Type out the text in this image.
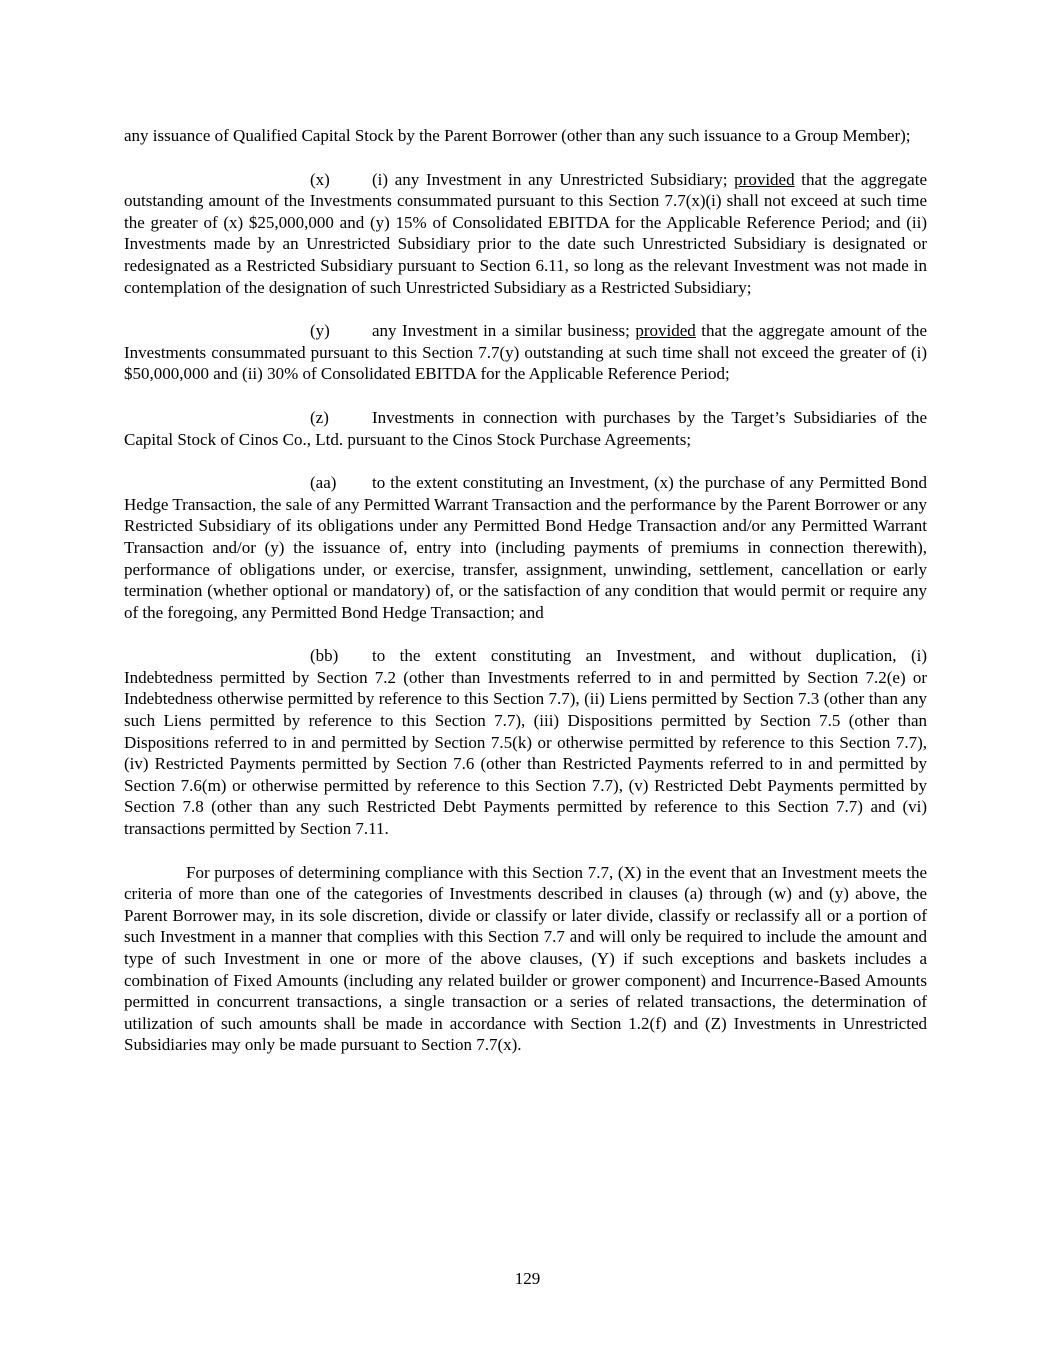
any issuance of Qualified Capital Stock by the Parent Borrower (other than any such issuance to a Group Member);

(x) (i) any Investment in any Unrestricted Subsidiary; provided that the aggregate outstanding amount of the Investments consummated pursuant to this Section 7.7(x)(i) shall not exceed at such time the greater of (x) $25,000,000 and (y) 15% of Consolidated EBITDA for the Applicable Reference Period; and (ii) Investments made by an Unrestricted Subsidiary prior to the date such Unrestricted Subsidiary is designated or redesignated as a Restricted Subsidiary pursuant to Section 6.11, so long as the relevant Investment was not made in contemplation of the designation of such Unrestricted Subsidiary as a Restricted Subsidiary;

(y) any Investment in a similar business; provided that the aggregate amount of the Investments consummated pursuant to this Section 7.7(y) outstanding at such time shall not exceed the greater of (i) $50,000,000 and (ii) 30% of Consolidated EBITDA for the Applicable Reference Period;

(z)	Investments in connection with purchases by the Target’s Subsidiaries of the Capital Stock of Cinos Co., Ltd. pursuant to the Cinos Stock Purchase Agreements;

(aa) to the extent constituting an Investment, (x) the purchase of any Permitted Bond Hedge Transaction, the sale of any Permitted Warrant Transaction and the performance by the Parent Borrower or any Restricted Subsidiary of its obligations under any Permitted Bond Hedge Transaction and/or any Permitted Warrant Transaction and/or (y) the issuance of, entry into (including payments of premiums in connection therewith), performance of obligations under, or exercise, transfer, assignment, unwinding, settlement, cancellation or early termination (whether optional or mandatory) of, or the satisfaction of any condition that would permit or require any of the foregoing, any Permitted Bond Hedge Transaction; and

(bb) to the extent constituting an Investment, and without duplication, (i) Indebtedness permitted by Section 7.2 (other than Investments referred to in and permitted by Section 7.2(e) or Indebtedness otherwise permitted by reference to this Section 7.7), (ii) Liens permitted by Section 7.3 (other than any such Liens permitted by reference to this Section 7.7), (iii) Dispositions permitted by Section 7.5 (other than Dispositions referred to in and permitted by Section 7.5(k) or otherwise permitted by reference to this Section 7.7), (iv) Restricted Payments permitted by Section 7.6 (other than Restricted Payments referred to in and permitted by Section 7.6(m) or otherwise permitted by reference to this Section 7.7), (v) Restricted Debt Payments permitted by Section 7.8 (other than any such Restricted Debt Payments permitted by reference to this Section 7.7) and (vi) transactions permitted by Section 7.11.

For purposes of determining compliance with this Section 7.7, (X) in the event that an Investment meets the criteria of more than one of the categories of Investments described in clauses (a) through (w) and (y) above, the Parent Borrower may, in its sole discretion, divide or classify or later divide, classify or reclassify all or a portion of such Investment in a manner that complies with this Section 7.7 and will only be required to include the amount and type of such Investment in one or more of the above clauses, (Y) if such exceptions and baskets includes a combination of Fixed Amounts (including any related builder or grower component) and Incurrence-Based Amounts permitted in concurrent transactions, a single transaction or a series of related transactions, the determination of utilization of such amounts shall be made in accordance with Section 1.2(f) and (Z) Investments in Unrestricted Subsidiaries may only be made pursuant to Section 7.7(x).

129
